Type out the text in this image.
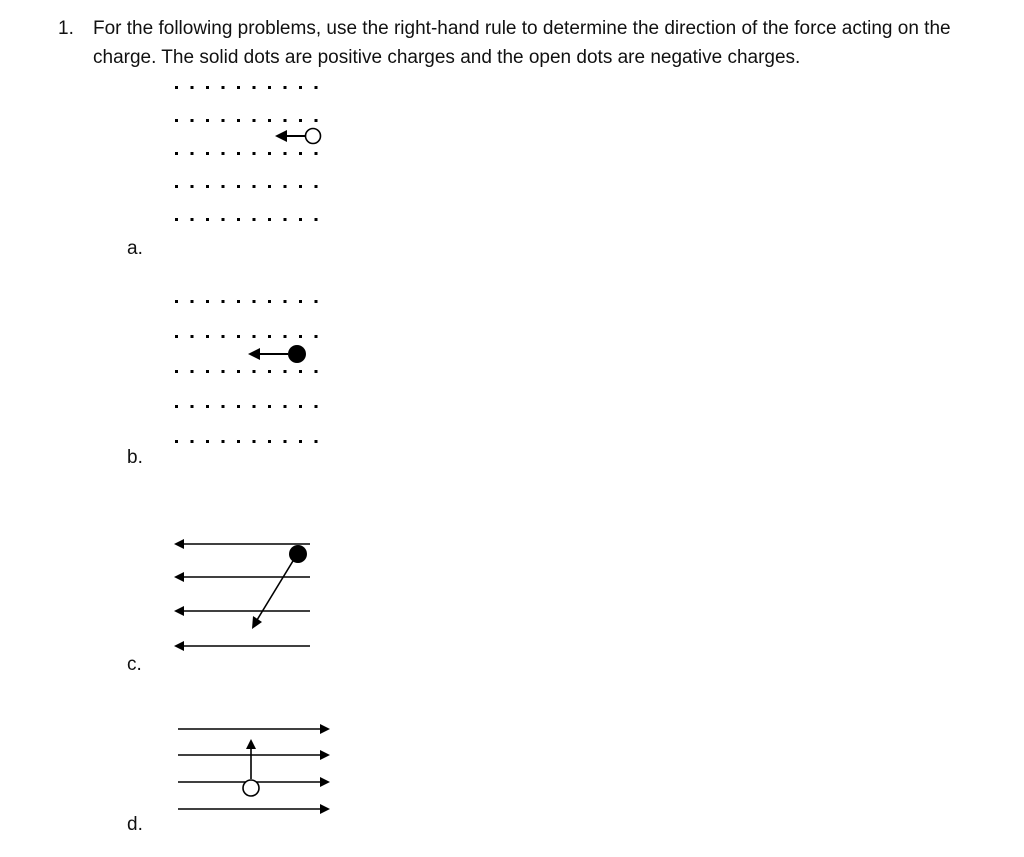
1. For the following problems, use the right-hand rule to determine the direction of the force acting on the charge. The solid dots are positive charges and the open dots are negative charges.

a.

b.

c.

d.
